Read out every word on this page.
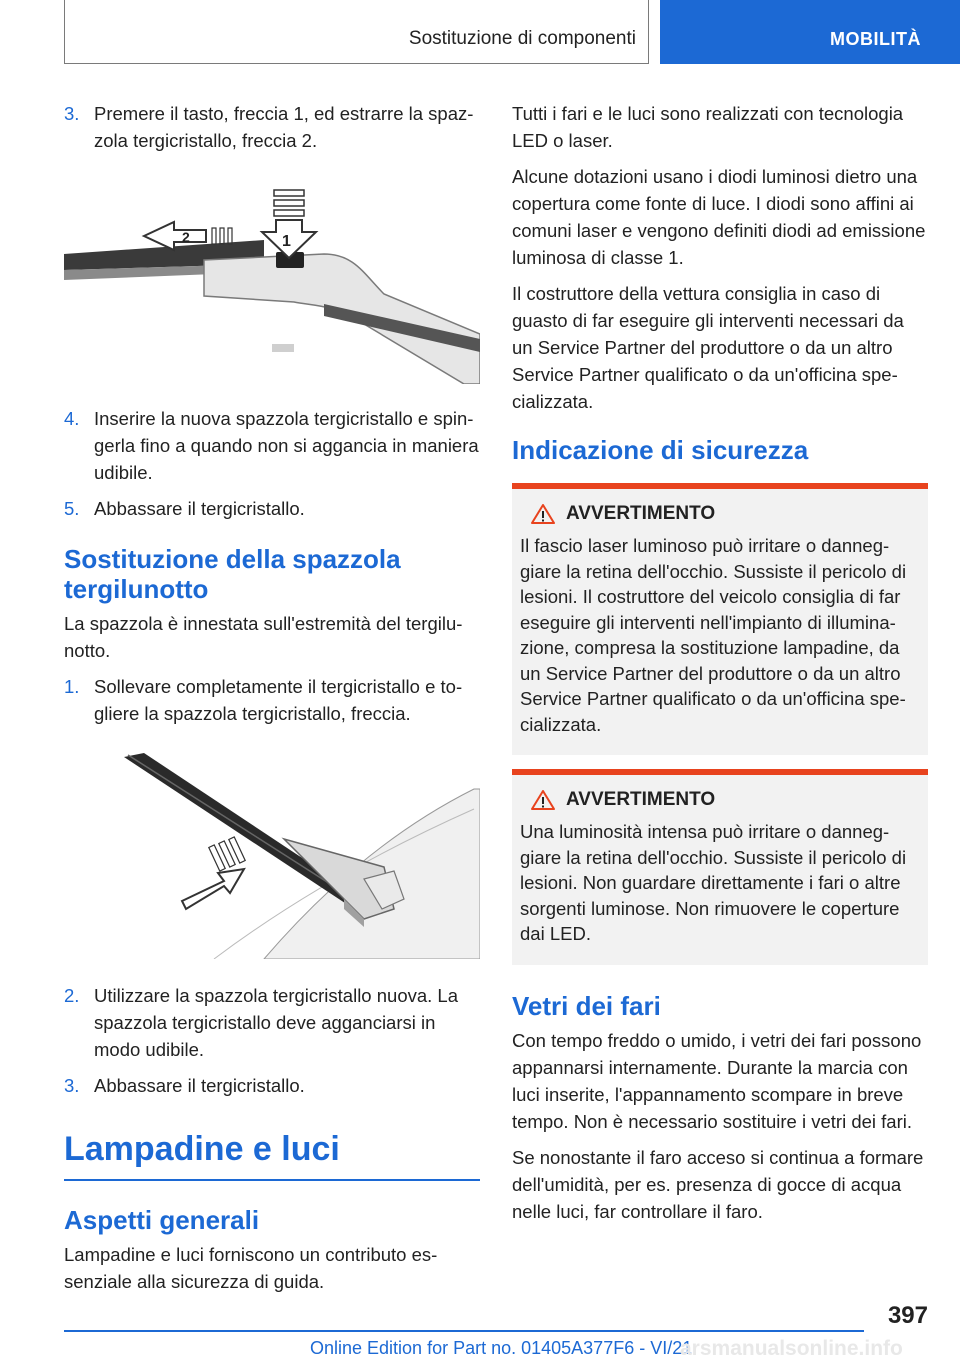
Sostituzione di componenti	MOBILITÀ
3. Premere il tasto, freccia 1, ed estrarre la spazzola tergicristallo, freccia 2.
1
2
4. Inserire la nuova spazzola tergicristallo e spingerla fino a quando non si aggancia in maniera udibile.
5. Abbassare il tergicristallo.
Sostituzione della spazzola tergilunotto

La spazzola è innestata sull'estremità del tergilunotto.

1. Sollevare completamente il tergicristallo e togliere la spazzola tergicristallo, freccia.
2. Utilizzare la spazzola tergicristallo nuova. La spazzola tergicristallo deve agganciarsi in modo udibile.
3. Abbassare il tergicristallo.
Lampadine e luci
Aspetti generali

Lampadine e luci forniscono un contributo essenziale alla sicurezza di guida.

Tutti i fari e le luci sono realizzati con tecnologia LED o laser.

Alcune dotazioni usano i diodi luminosi dietro una copertura come fonte di luce. I diodi sono affini ai comuni laser e vengono definiti diodi ad emissione luminosa di classe 1.

Il costruttore della vettura consiglia in caso di guasto di far eseguire gli interventi necessari da un Service Partner del produttore o da un altro Service Partner qualificato o da un'officina specializzata.

Indicazione di sicurezza
AVVERTIMENTO

Il fascio laser luminoso può irritare o danneggiare la retina dell'occhio. Sussiste il pericolo di lesioni. Il costruttore del veicolo consiglia di far eseguire gli interventi nell'impianto di illuminazione, compresa la sostituzione lampadine, da un Service Partner del produttore o da un altro Service Partner qualificato o da un'officina specializzata.

AVVERTIMENTO

Una luminosità intensa può irritare o danneggiare la retina dell'occhio. Sussiste il pericolo di lesioni. Non guardare direttamente i fari o altre sorgenti luminose. Non rimuovere le coperture dai LED.

Vetri dei fari

Con tempo freddo o umido, i vetri dei fari possono appannarsi internamente. Durante la marcia con luci inserite, l'appannamento scompare in breve tempo. Non è necessario sostituire i vetri dei fari.

Se nonostante il faro acceso si continua a formare dell'umidità, per es. presenza di gocce di acqua nelle luci, far controllare il faro.

397
Online Edition for Part no. 01405A377F6 - VI/21
arsmanualsonline.info
